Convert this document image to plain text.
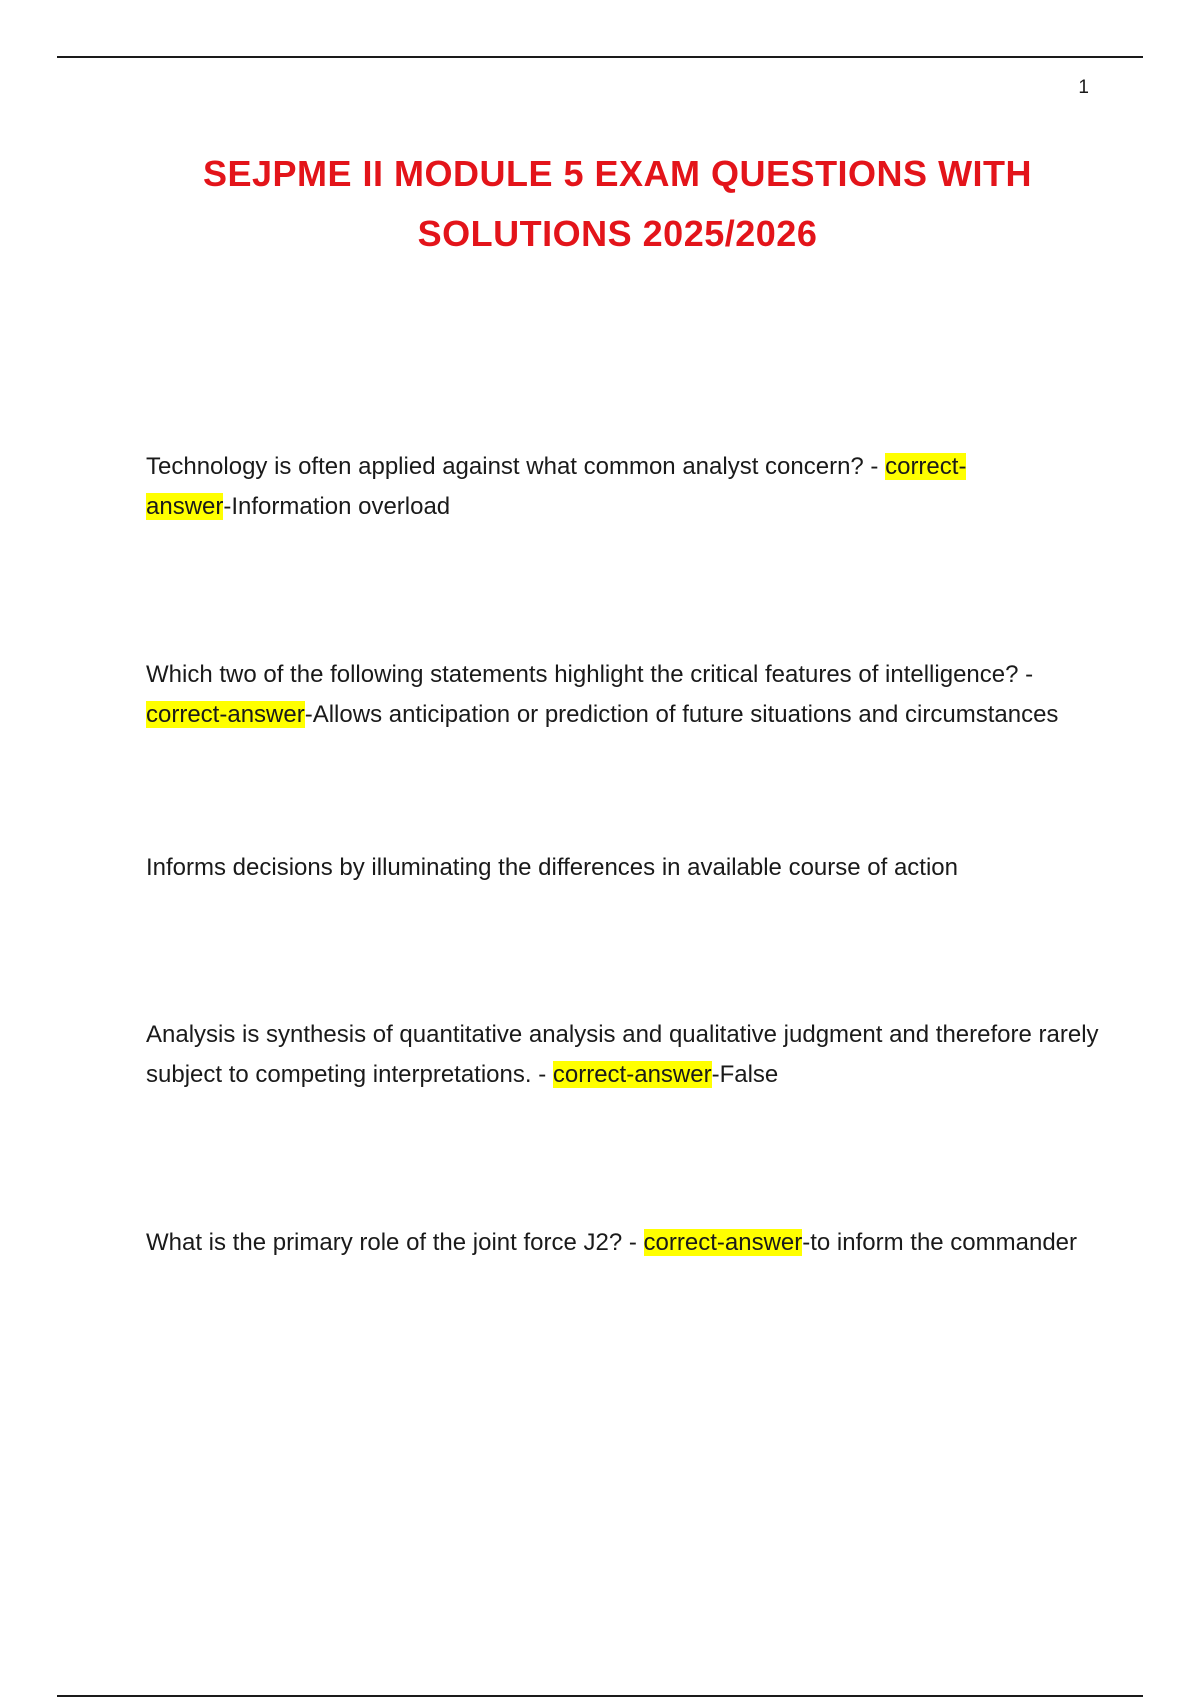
1
SEJPME II MODULE 5 EXAM QUESTIONS WITH
SOLUTIONS 2025/2026

Technology is often applied against what common analyst concern? - correct-
answer-Information overload

Which two of the following statements highlight the critical features of intelligence? - correct-answer-Allows anticipation or prediction of future situations and circumstances

Informs decisions by illuminating the differences in available course of action

Analysis is synthesis of quantitative analysis and qualitative judgment and therefore rarely subject to competing interpretations. - correct-answer-False

What is the primary role of the joint force J2? - correct-answer-to inform the commander
